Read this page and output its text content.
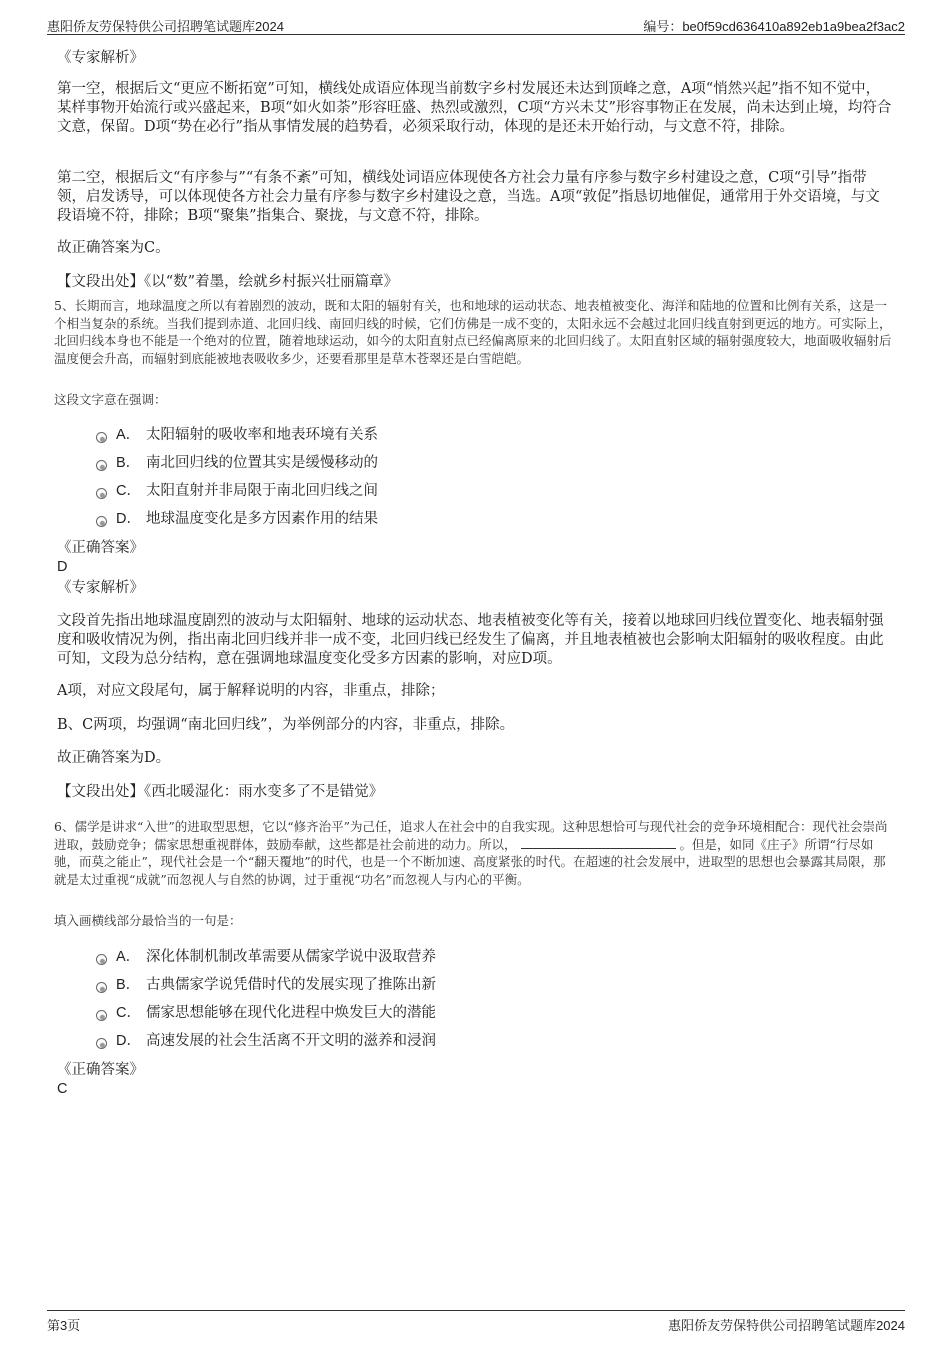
惠阳侨友劳保特供公司招聘笔试题库2024	编号：be0f59cd636410a892eb1a9bea2f3ac2
《专家解析》
第一空，根据后文“更应不断拓宽”可知，横线处成语应体现当前数字乡村发展还未达到顶峰之意，A项“悄然兴起”指不知不觉中，某样事物开始流行或兴盛起来，B项“如火如荼”形容旺盛、热烈或激烈，C项“方兴未艾”形容事物正在发展，尚未达到止境，均符合文意，保留。D项“势在必行”指从事情发展的趋势看，必须采取行动，体现的是还未开始行动，与文意不符，排除。
第二空，根据后文“有序参与”“有条不紊”可知，横线处词语应体现使各方社会力量有序参与数字乡村建设之意，C项“引导”指带领，启发诱导，可以体现使各方社会力量有序参与数字乡村建设之意，当选。A项“敦促”指恳切地催促，通常用于外交语境，与文段语境不符，排除；B项“聚集”指集合、聚拢，与文意不符，排除。
故正确答案为C。
【文段出处】《以“数”着墨，绘就乡村振兴壮丽篇章》
5、长期而言，地球温度之所以有着剧烈的波动，既和太阳的辐射有关，也和地球的运动状态、地表植被变化、海洋和陆地的位置和比例有关系，这是一个相当复杂的系统。当我们提到赤道、北回归线、南回归线的时候，它们仿佛是一成不变的，太阳永远不会越过北回归线直射到更远的地方。可实际上，北回归线本身也不能是一个绝对的位置，随着地球运动，如今的太阳直射点已经偏离原来的北回归线了。太阳直射区域的辐射强度较大，地面吸收辐射后温度便会升高，而辐射到底能被地表吸收多少，还要看那里是草木苍翠还是白雪皑皑。
这段文字意在强调：
A． 太阳辐射的吸收率和地表环境有关系
B． 南北回归线的位置其实是缓慢移动的
C． 太阳直射并非局限于南北回归线之间
D． 地球温度变化是多方因素作用的结果
《正确答案》
D
《专家解析》
文段首先指出地球温度剧烈的波动与太阳辐射、地球的运动状态、地表植被变化等有关，接着以地球回归线位置变化、地表辐射强度和吸收情况为例，指出南北回归线并非一成不变，北回归线已经发生了偏离，并且地表植被也会影响太阳辐射的吸收程度。由此可知，文段为总分结构，意在强调地球温度变化受多方因素的影响，对应D项。
A项，对应文段尾句，属于解释说明的内容，非重点，排除；
B、C两项，均强调“南北回归线”，为举例部分的内容，非重点，排除。
故正确答案为D。
【文段出处】《西北暖湿化：雨水变多了不是错觉》
6、儒学是讲求“入世”的进取型思想，它以“修齐治平”为己任，追求人在社会中的自我实现。这种思想恰可与现代社会的竞争环境相配合：现代社会崇尚进取，鼓励竞争；儒家思想重视群体，鼓励奉献，这些都是社会前进的动力。所以，	。但是，如同《庄子》所谓“行尽如驰，而莫之能止”，现代社会是一个“翻天覆地”的时代，也是一个不断加速、高度紧张的时代。在超速的社会发展中，进取型的思想也会暴露其局限，那就是太过重视“成就”而忽视人与自然的协调，过于重视“功名”而忽视人与内心的平衡。
填入画横线部分最恰当的一句是：
A． 深化体制机制改革需要从儒家学说中汲取营养
B． 古典儒家学说凭借时代的发展实现了推陈出新
C． 儒家思想能够在现代化进程中焕发巨大的潜能
D． 高速发展的社会生活离不开文明的滋养和浸润
《正确答案》
C
第3页	惠阳侨友劳保特供公司招聘笔试题库2024
